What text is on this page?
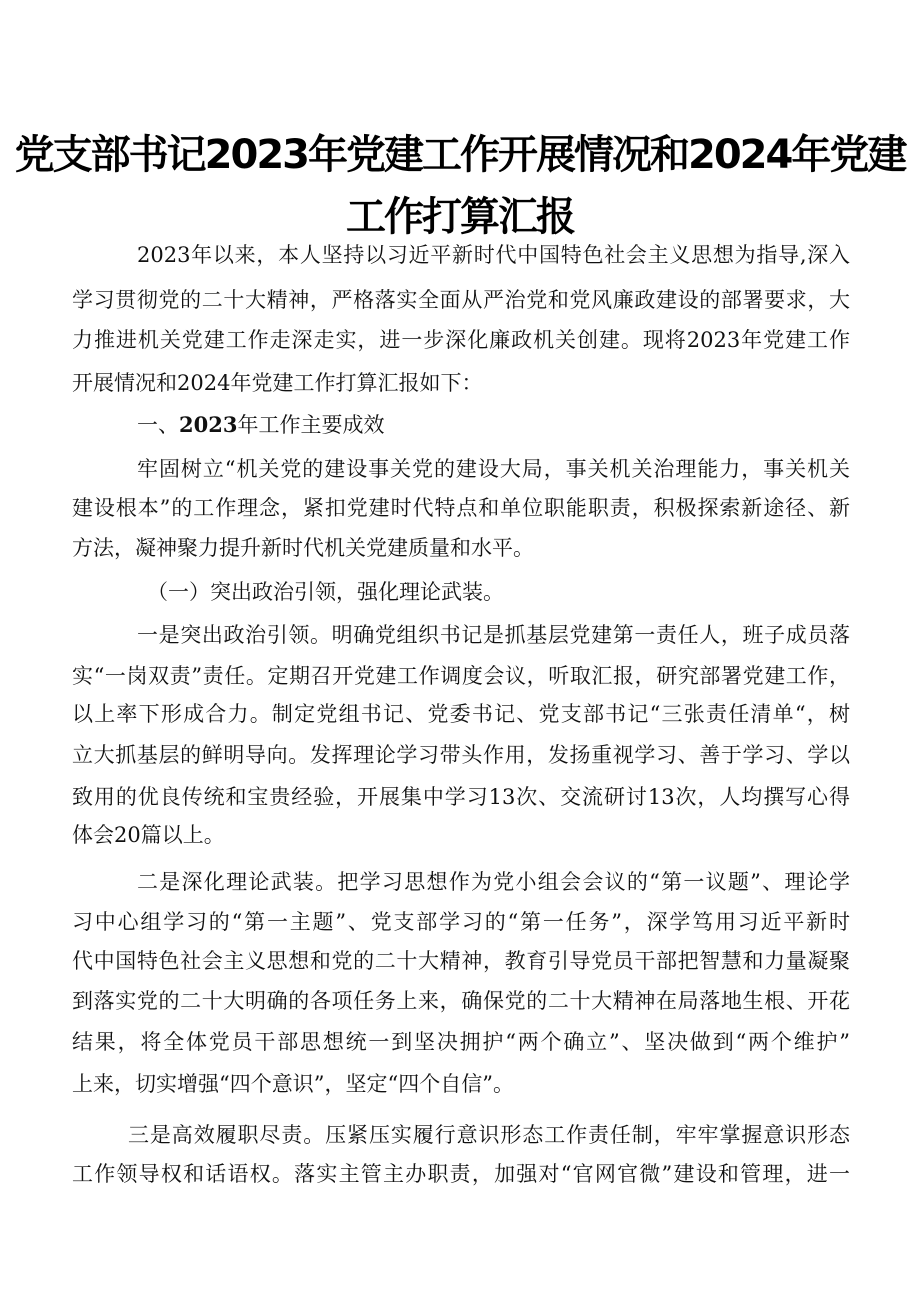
党支部书记2023年党建工作开展情况和2024年党建
工作打算汇报
2023年以来，本人坚持以习近平新时代中国特色社会主义思想为指导,深入
学习贯彻党的二十大精神，严格落实全面从严治党和党风廉政建设的部署要求，大
力推进机关党建工作走深走实，进一步深化廉政机关创建。现将2023年党建工作
开展情况和2024年党建工作打算汇报如下：
一、2023年工作主要成效
牢固树立“机关党的建设事关党的建设大局，事关机关治理能力，事关机关
建设根本”的工作理念，紧扣党建时代特点和单位职能职责，积极探索新途径、新
方法，凝神聚力提升新时代机关党建质量和水平。
（一）突出政治引领，强化理论武装。
一是突出政治引领。明确党组织书记是抓基层党建第一责任人，班子成员落
实“一岗双责”责任。定期召开党建工作调度会议，听取汇报，研究部署党建工作，
以上率下形成合力。制定党组书记、党委书记、党支部书记“三张责任清单“，树
立大抓基层的鲜明导向。发挥理论学习带头作用，发扬重视学习、善于学习、学以
致用的优良传统和宝贵经验，开展集中学习13次、交流研讨13次，人均撰写心得
体会20篇以上。
二是深化理论武装。把学习思想作为党小组会会议的“第一议题”、理论学
习中心组学习的“第一主题”、党支部学习的“第一任务”，深学笃用习近平新时
代中国特色社会主义思想和党的二十大精神，教育引导党员干部把智慧和力量凝聚
到落实党的二十大明确的各项任务上来，确保党的二十大精神在局落地生根、开花
结果，将全体党员干部思想统一到坚决拥护“两个确立”、坚决做到“两个维护”
上来，切实增强“四个意识”，坚定“四个自信”。
三是高效履职尽责。压紧压实履行意识形态工作责任制，牢牢掌握意识形态
工作领导权和话语权。落实主管主办职责，加强对“官网官微”建设和管理，进一
